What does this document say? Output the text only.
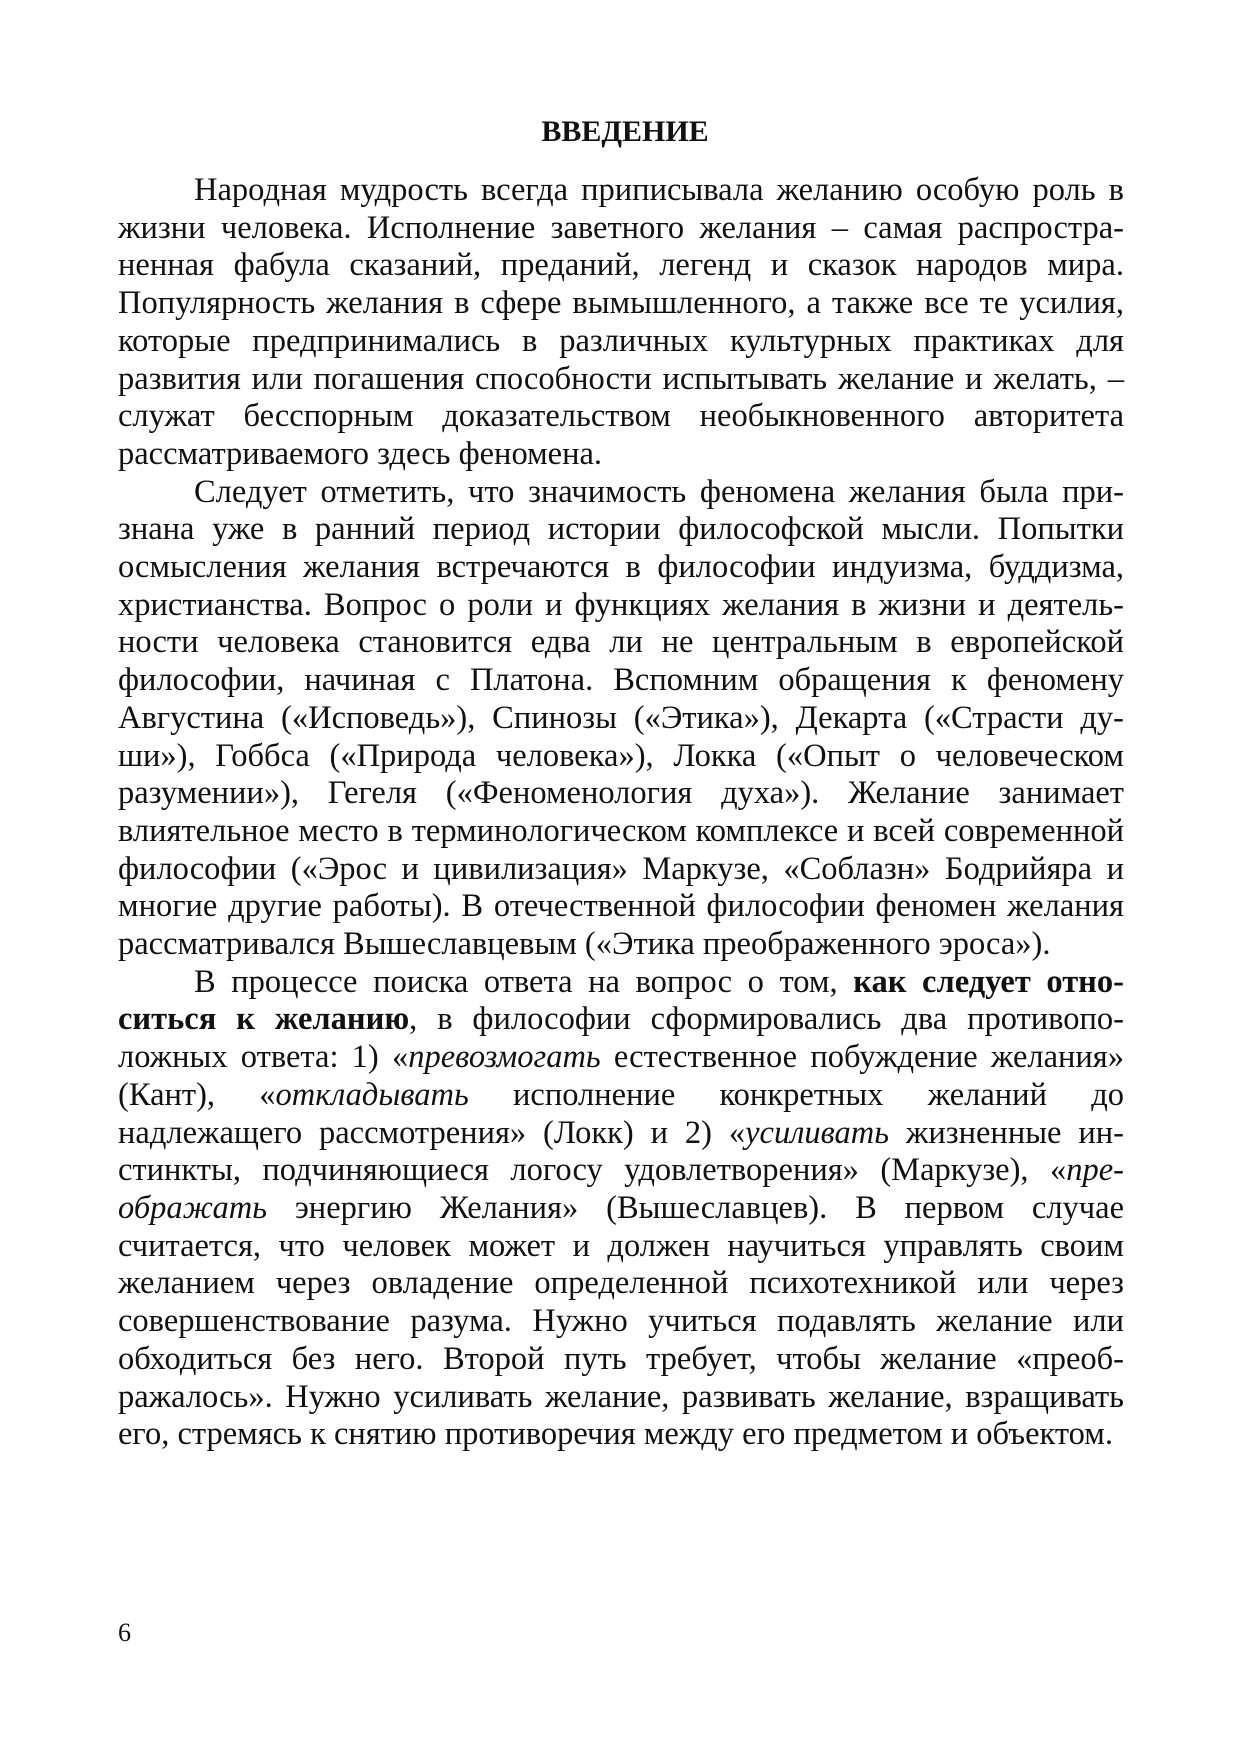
ВВЕДЕНИЕ

Народная мудрость всегда приписывала желанию особую роль в жизни человека. Исполнение заветного желания – самая распространенная фабула сказаний, преданий, легенд и сказок народов мира. Популярность желания в сфере вымышленного, а также все те усилия, которые предпринимались в различных культурных практиках для развития или погашения способности испытывать желание и желать, – служат бесспорным доказательством необыкновенного авторитета рассматриваемого здесь феномена.

Следует отметить, что значимость феномена желания была признана уже в ранний период истории философской мысли. Попытки осмысления желания встречаются в философии индуизма, буддизма, христианства. Вопрос о роли и функциях желания в жизни и деятельности человека становится едва ли не центральным в европейской философии, начиная с Платона. Вспомним обращения к феномену Августина («Исповедь»), Спинозы («Этика»), Декарта («Страсти души»), Гоббса («Природа человека»), Локка («Опыт о человеческом разумении»), Гегеля («Феноменология духа»). Желание занимает влиятельное место в терминологическом комплексе и всей современной философии («Эрос и цивилизация» Маркузе, «Соблазн» Бодрийяра и многие другие работы). В отечественной философии феномен желания рассматривался Вышеславцевым («Этика преображенного эроса»).

В процессе поиска ответа на вопрос о том, как следует относиться к желанию, в философии сформировались два противоположных ответа: 1) «превозмогать естественное побуждение желания» (Кант), «откладывать исполнение конкретных желаний до надлежащего рассмотрения» (Локк) и 2) «усиливать жизненные инстинкты, подчиняющиеся логосу удовлетворения» (Маркузе), «преображать энергию Желания» (Вышеславцев). В первом случае считается, что человек может и должен научиться управлять своим желанием через овладение определенной психотехникой или через совершенствование разума. Нужно учиться подавлять желание или обходиться без него. Второй путь требует, чтобы желание «преображалось». Нужно усиливать желание, развивать желание, взращивать его, стремясь к снятию противоречия между его предметом и объектом.

6
